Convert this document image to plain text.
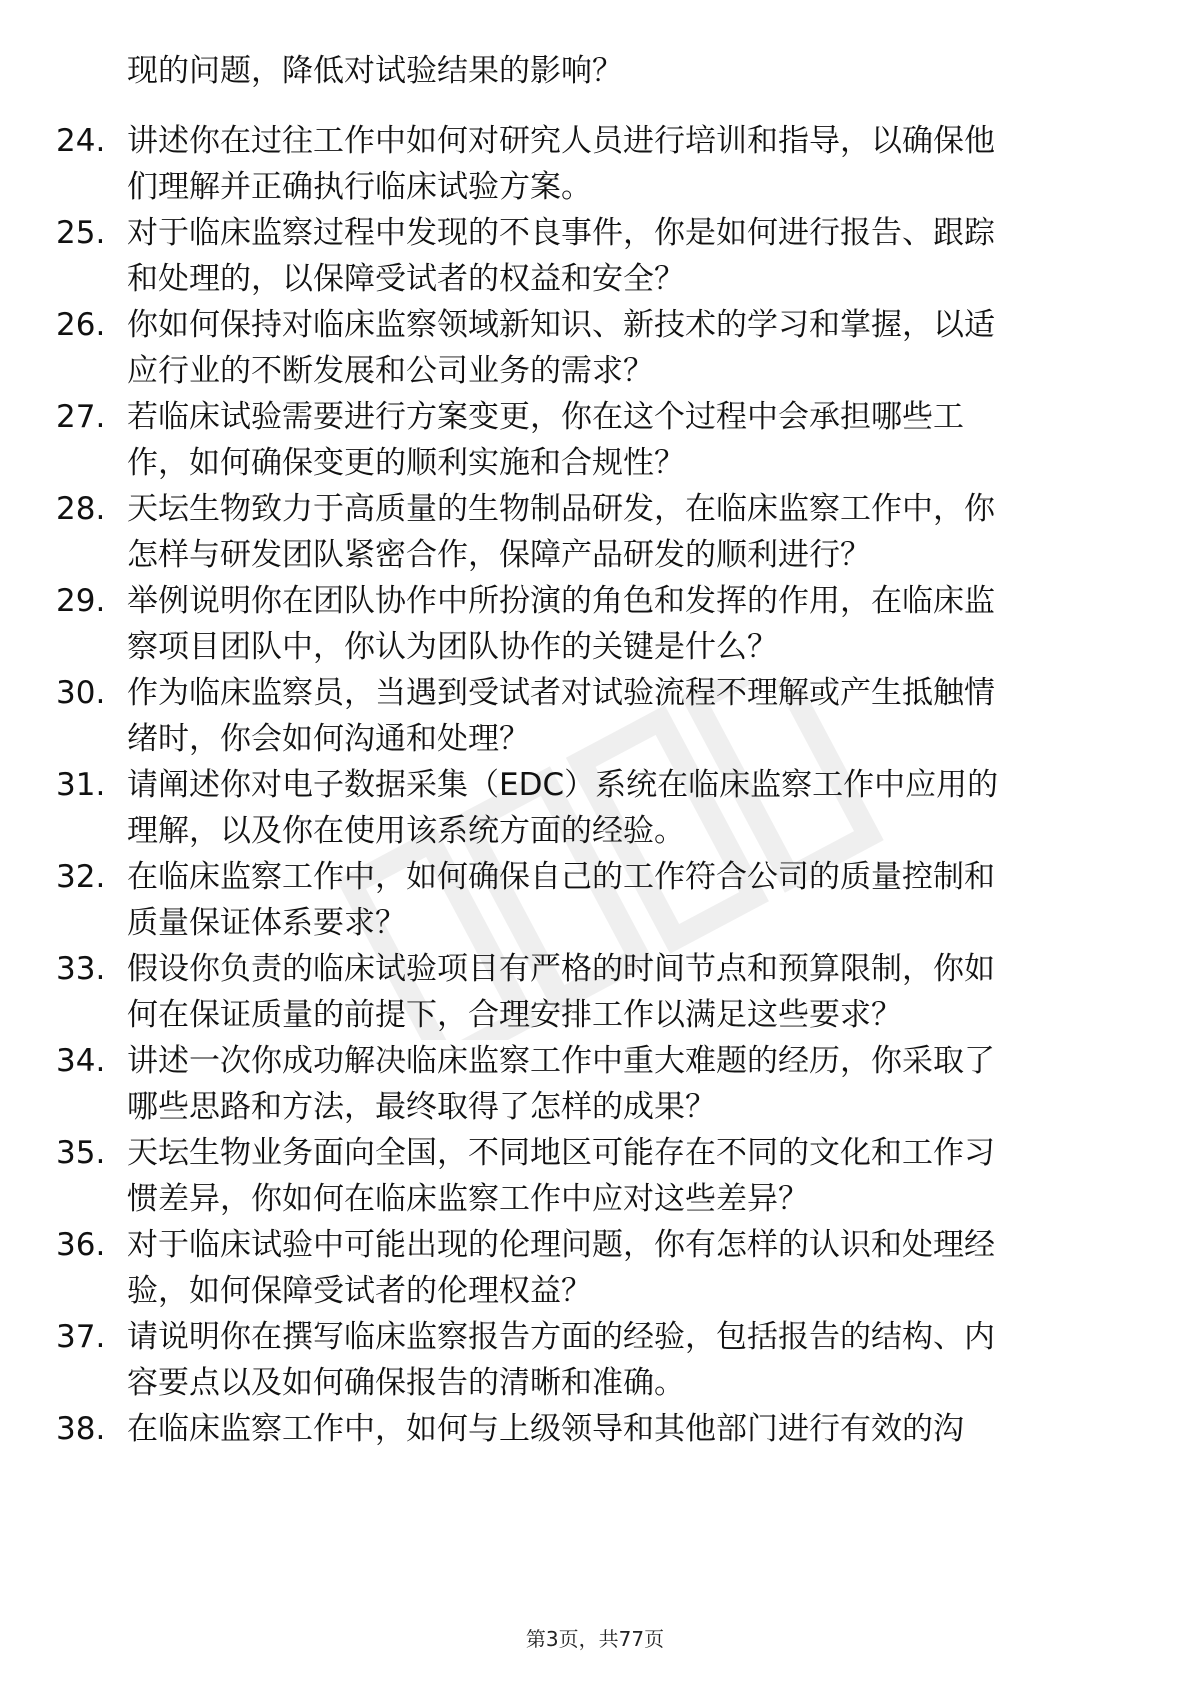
现的问题，降低对试验结果的影响？
24. 讲述你在过往工作中如何对研究人员进行培训和指导，以确保他
们理解并正确执行临床试验方案。
25. 对于临床监察过程中发现的不良事件，你是如何进行报告、跟踪
和处理的，以保障受试者的权益和安全？
26. 你如何保持对临床监察领域新知识、新技术的学习和掌握，以适
应行业的不断发展和公司业务的需求？
27. 若临床试验需要进行方案变更，你在这个过程中会承担哪些工
作，如何确保变更的顺利实施和合规性？
28. 天坛生物致力于高质量的生物制品研发，在临床监察工作中，你
怎样与研发团队紧密合作，保障产品研发的顺利进行？
29. 举例说明你在团队协作中所扮演的角色和发挥的作用，在临床监
察项目团队中，你认为团队协作的关键是什么？
30. 作为临床监察员，当遇到受试者对试验流程不理解或产生抵触情
绪时，你会如何沟通和处理？
31. 请阐述你对电子数据采集（EDC）系统在临床监察工作中应用的
理解，以及你在使用该系统方面的经验。
32. 在临床监察工作中，如何确保自己的工作符合公司的质量控制和
质量保证体系要求？
33. 假设你负责的临床试验项目有严格的时间节点和预算限制，你如
何在保证质量的前提下，合理安排工作以满足这些要求？
34. 讲述一次你成功解决临床监察工作中重大难题的经历，你采取了
哪些思路和方法，最终取得了怎样的成果？
35. 天坛生物业务面向全国，不同地区可能存在不同的文化和工作习
惯差异，你如何在临床监察工作中应对这些差异？
36. 对于临床试验中可能出现的伦理问题，你有怎样的认识和处理经
验，如何保障受试者的伦理权益？
37. 请说明你在撰写临床监察报告方面的经验，包括报告的结构、内
容要点以及如何确保报告的清晰和准确。
38. 在临床监察工作中，如何与上级领导和其他部门进行有效的沟
第3页，共77页
